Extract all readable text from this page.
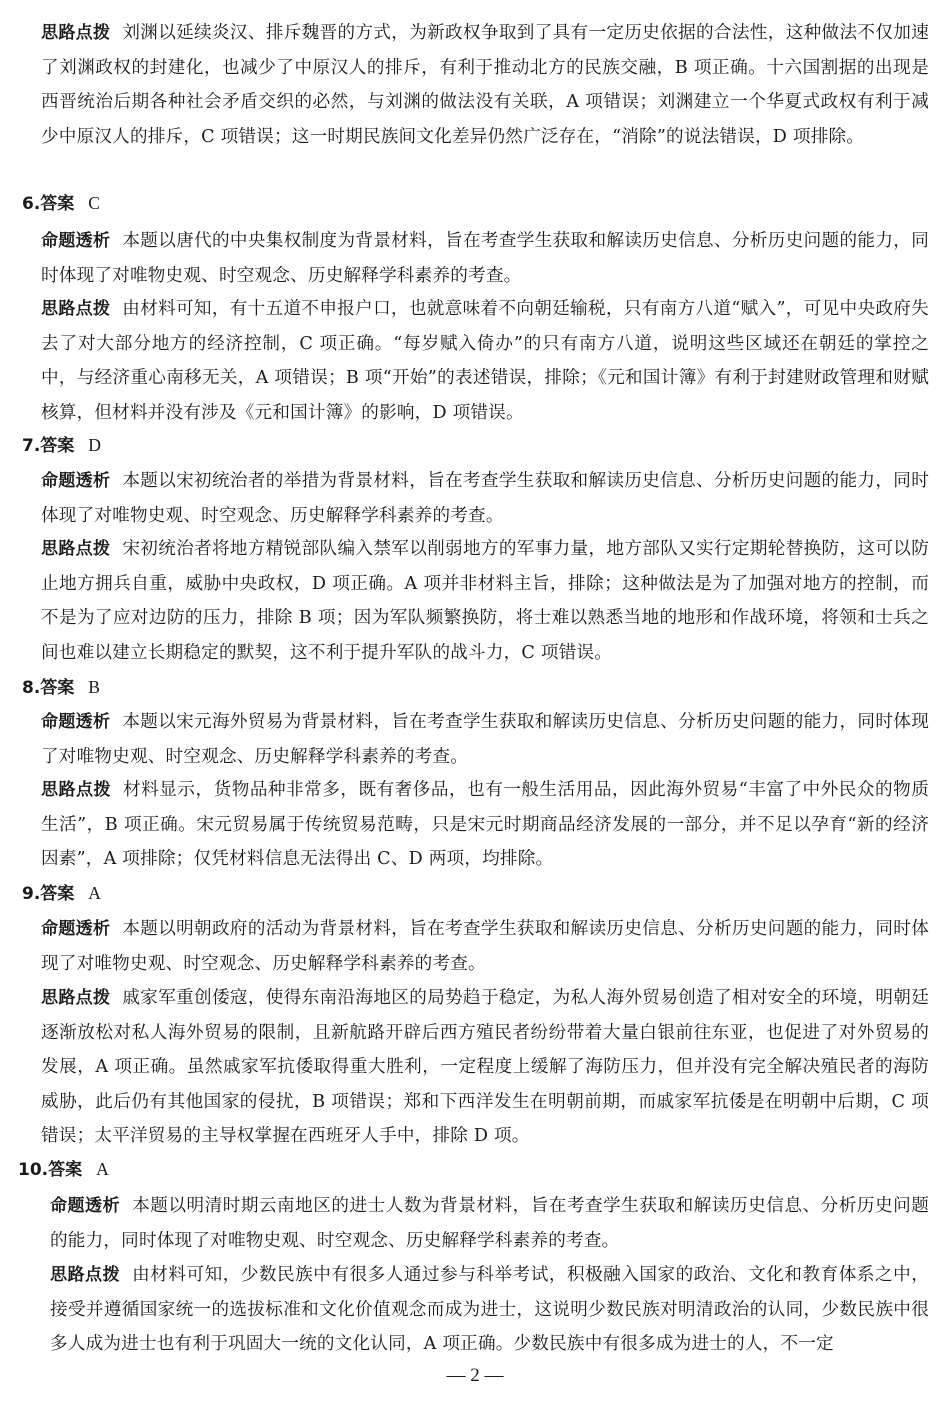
思路点拨 刘渊以延续炎汉、排斥魏晋的方式，为新政权争取到了具有一定历史依据的合法性，这种做法不仅加速了刘渊政权的封建化，也减少了中原汉人的排斥，有利于推动北方的民族交融，B 项正确。十六国割据的出现是西晋统治后期各种社会矛盾交织的必然，与刘渊的做法没有关联，A 项错误；刘渊建立一个华夏式政权有利于减少中原汉人的排斥，C 项错误；这一时期民族间文化差异仍然广泛存在，“消除”的说法错误，D 项排除。
6.答案 C
命题透析 本题以唐代的中央集权制度为背景材料，旨在考查学生获取和解读历史信息、分析历史问题的能力，同时体现了对唯物史观、时空观念、历史解释学科素养的考查。
思路点拨 由材料可知，有十五道不申报户口，也就意味着不向朝廷输税，只有南方八道“赋入”，可见中央政府失去了对大部分地方的经济控制，C 项正确。“每岁赋入倚办”的只有南方八道，说明这些区域还在朝廷的掌控之中，与经济重心南移无关，A 项错误；B 项“开始”的表述错误，排除；《元和国计簿》有利于封建财政管理和财赋核算，但材料并没有涉及《元和国计簿》的影响，D 项错误。
7.答案 D
命题透析 本题以宋初统治者的举措为背景材料，旨在考查学生获取和解读历史信息、分析历史问题的能力，同时体现了对唯物史观、时空观念、历史解释学科素养的考查。
思路点拨 宋初统治者将地方精锐部队编入禁军以削弱地方的军事力量，地方部队又实行定期轮替换防，这可以防止地方拥兵自重，威胁中央政权，D 项正确。A 项并非材料主旨，排除；这种做法是为了加强对地方的控制，而不是为了应对边防的压力，排除 B 项；因为军队频繁换防，将士难以熟悉当地的地形和作战环境，将领和士兵之间也难以建立长期稳定的默契，这不利于提升军队的战斗力，C 项错误。
8.答案 B
命题透析 本题以宋元海外贸易为背景材料，旨在考查学生获取和解读历史信息、分析历史问题的能力，同时体现了对唯物史观、时空观念、历史解释学科素养的考查。
思路点拨 材料显示，货物品种非常多，既有奢侈品，也有一般生活用品，因此海外贸易“丰富了中外民众的物质生活”，B 项正确。宋元贸易属于传统贸易范畴，只是宋元时期商品经济发展的一部分，并不足以孕育“新的经济因素”，A 项排除；仅凭材料信息无法得出 C、D 两项，均排除。
9.答案 A
命题透析 本题以明朝政府的活动为背景材料，旨在考查学生获取和解读历史信息、分析历史问题的能力，同时体现了对唯物史观、时空观念、历史解释学科素养的考查。
思路点拨 戚家军重创倭寇，使得东南沿海地区的局势趋于稳定，为私人海外贸易创造了相对安全的环境，明朝廷逐渐放松对私人海外贸易的限制，且新航路开辟后西方殖民者纷纷带着大量白银前往东亚，也促进了对外贸易的发展，A 项正确。虽然戚家军抗倭取得重大胜利，一定程度上缓解了海防压力，但并没有完全解决殖民者的海防威胁，此后仍有其他国家的侵扰，B 项错误；郑和下西洋发生在明朝前期，而戚家军抗倭是在明朝中后期，C 项错误；太平洋贸易的主导权掌握在西班牙人手中，排除 D 项。
10.答案 A
命题透析 本题以明清时期云南地区的进士人数为背景材料，旨在考查学生获取和解读历史信息、分析历史问题的能力，同时体现了对唯物史观、时空观念、历史解释学科素养的考查。
思路点拨 由材料可知，少数民族中有很多人通过参与科举考试，积极融入国家的政治、文化和教育体系之中，接受并遵循国家统一的选拔标准和文化价值观念而成为进士，这说明少数民族对明清政治的认同，少数民族中很多人成为进士也有利于巩固大一统的文化认同，A 项正确。少数民族中有很多成为进士的人，不一定
— 2 —
